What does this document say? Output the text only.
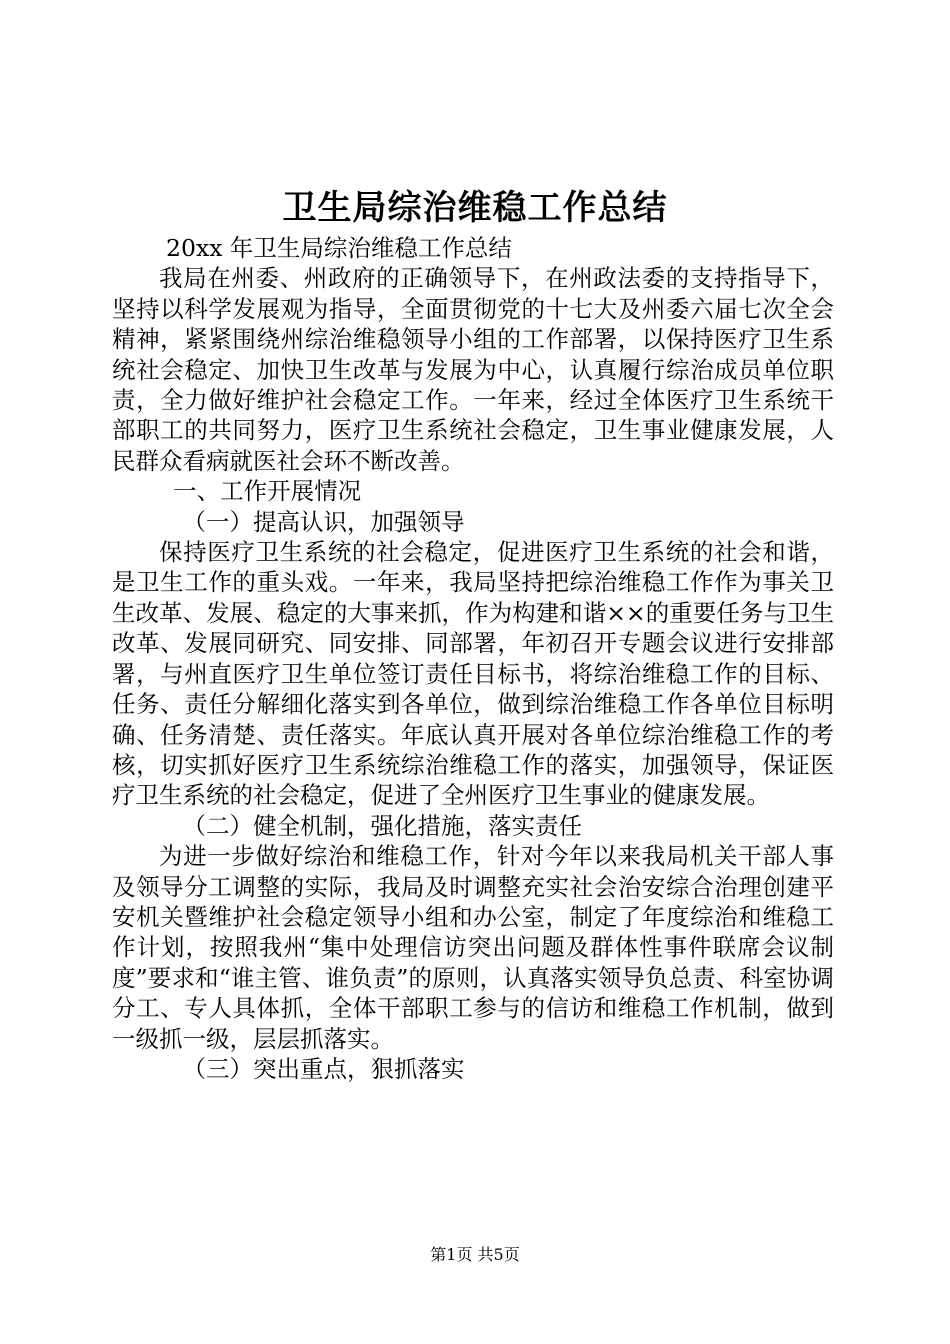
卫生局综治维稳工作总结

20xx 年卫生局综治维稳工作总结

我局在州委、州政府的正确领导下，在州政法委的支持指导下，坚持以科学发展观为指导，全面贯彻党的十七大及州委六届七次全会精神，紧紧围绕州综治维稳领导小组的工作部署，以保持医疗卫生系统社会稳定、加快卫生改革与发展为中心，认真履行综治成员单位职责，全力做好维护社会稳定工作。一年来，经过全体医疗卫生系统干部职工的共同努力，医疗卫生系统社会稳定，卫生事业健康发展，人民群众看病就医社会环不断改善。

一、工作开展情况

（一）提高认识，加强领导

保持医疗卫生系统的社会稳定，促进医疗卫生系统的社会和谐，是卫生工作的重头戏。一年来，我局坚持把综治维稳工作作为事关卫生改革、发展、稳定的大事来抓，作为构建和谐××的重要任务与卫生改革、发展同研究、同安排、同部署，年初召开专题会议进行安排部署，与州直医疗卫生单位签订责任目标书，将综治维稳工作的目标、任务、责任分解细化落实到各单位，做到综治维稳工作各单位目标明确、任务清楚、责任落实。年底认真开展对各单位综治维稳工作的考核，切实抓好医疗卫生系统综治维稳工作的落实，加强领导，保证医疗卫生系统的社会稳定，促进了全州医疗卫生事业的健康发展。

（二）健全机制，强化措施，落实责任

为进一步做好综治和维稳工作，针对今年以来我局机关干部人事及领导分工调整的实际，我局及时调整充实社会治安综合治理创建平安机关暨维护社会稳定领导小组和办公室，制定了年度综治和维稳工作计划，按照我州“集中处理信访突出问题及群体性事件联席会议制度”要求和“谁主管、谁负责”的原则，认真落实领导负总责、科室协调分工、专人具体抓，全体干部职工参与的信访和维稳工作机制，做到一级抓一级，层层抓落实。

（三）突出重点，狠抓落实

第1页 共5页
